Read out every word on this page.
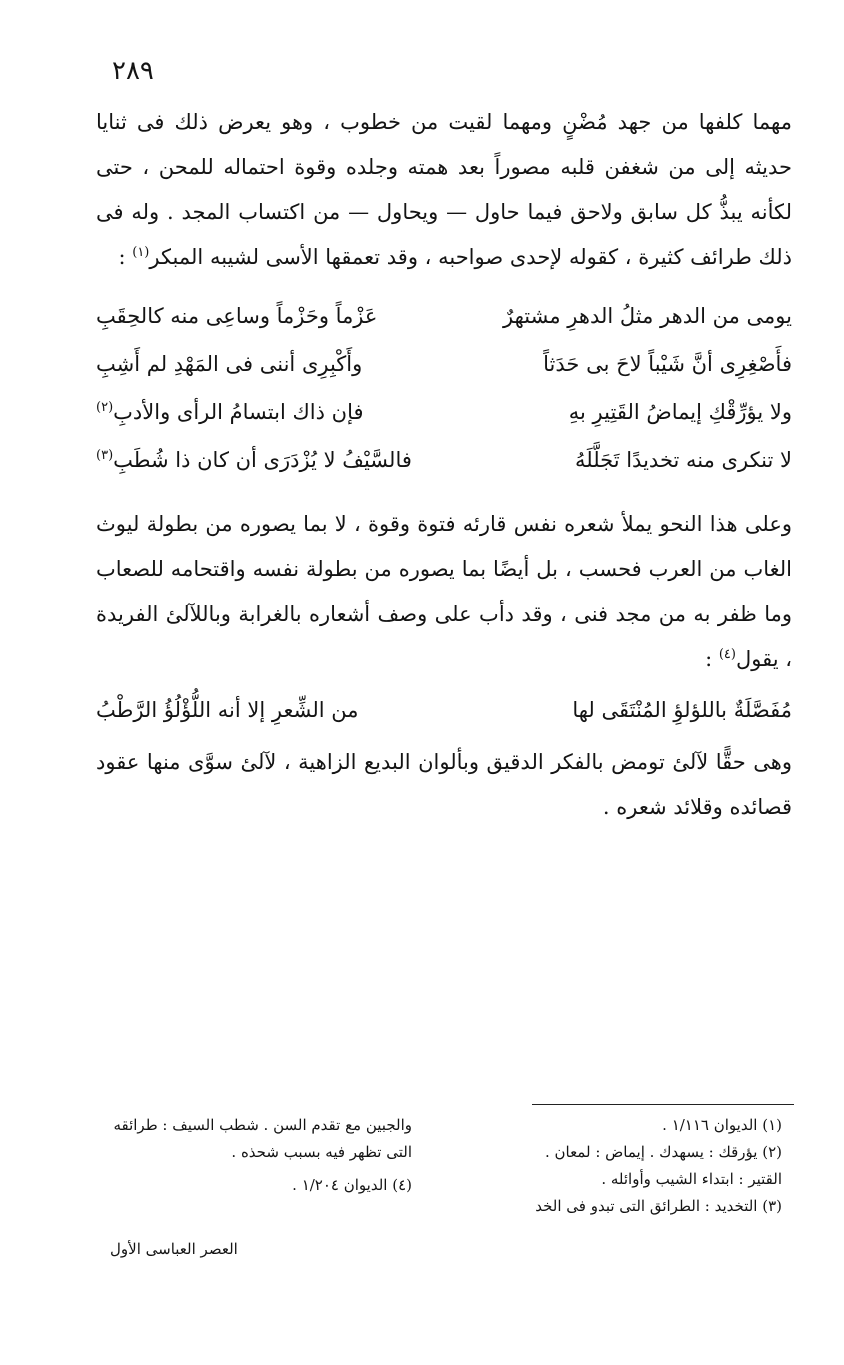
٢٨٩

مهما كلفها من جهد مُضْنٍ ومهما لقيت من خطوب ، وهو يعرض ذلك فى ثنايا حديثه إلى من شغفن قلبه مصوراً بعد همته وجلده وقوة احتماله للمحن ، حتى لكأنه يبذُّ كل سابق ولاحق فيما حاول — ويحاول — من اكتساب المجد . وله فى ذلك طرائف كثيرة ، كقوله لإحدى صواحبه ، وقد تعمقها الأسى لشيبه المبكر$^{(١)}$ :

يومى من الدهر مثلُ الدهرِ مشتهرٌ
عَزْماً وحَزْماً وساعِى منه كالحِقَبِ
فأَصْغِرِى أنَّ شَيْباً لاحَ بى حَدَثاً
وأَكْبِرِى أننى فى المَهْدِ لم أَشِبِ
ولا يؤرِّقْكِ إيماضُ القَتِيرِ بهِ
فإن ذاك ابتسامُ الرأى والأدبِ$^{(٢)}$
لا تنكرى منه تخديدًا تَجَلَّلَهُ
فالسَّيْفُ لا يُزْدَرَى أن كان ذا شُطَبِ$^{(٣)}$

وعلى هذا النحو يملأ شعره نفس قارئه فتوة وقوة ، لا بما يصوره من بطولة ليوث الغاب من العرب فحسب ، بل أيضًا بما يصوره من بطولة نفسه واقتحامه للصعاب وما ظفر به من مجد فنى ، وقد دأب على وصف أشعاره بالغرابة وباللآلئ الفريدة ، يقول$^{(٤)}$ :

مُفَصَّلَةٌ باللؤلؤِ المُنْتَقَى لها
من الشِّعرِ إلا أنه اللُّؤْلُؤُ الرَّطْبُ

وهى حقًّا لآلئ تومض بالفكر الدقيق وبألوان البديع الزاهية ، لآلئ سوَّى منها عقود قصائده وقلائد شعره .

(١) الديوان ١/١١٦ .
(٢) يؤرقك : يسهدك . إيماض : لمعان .
القتير : ابتداء الشيب وأوائله .
(٣) التخديد : الطرائق التى تبدو فى الخد
والجبين مع تقدم السن . شطب السيف : طرائقه
التى تظهر فيه بسبب شحذه .
(٤) الديوان ١/٢٠٤ .
العصر العباسى الأول
